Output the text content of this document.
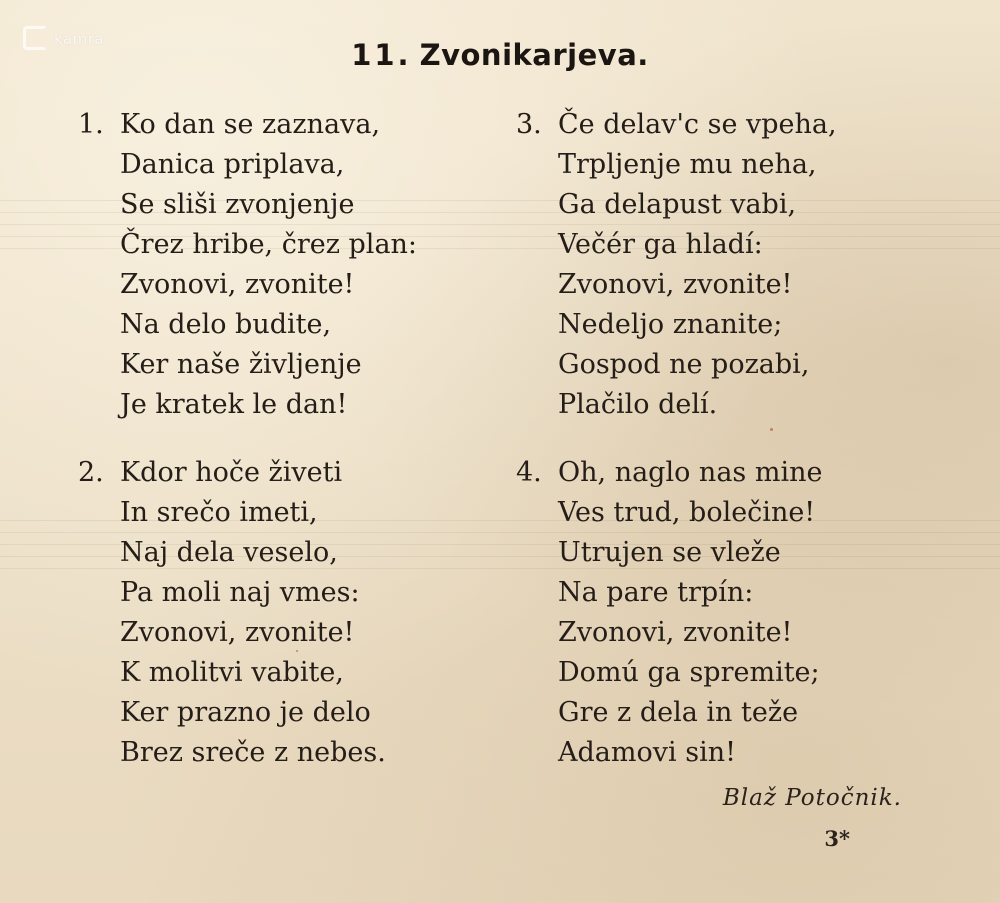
kamra	11. Zvonikarjeva.
1. Ko dan se zaznava,
Danica priplava,
Se sliši zvonjenje
Črez hribe, črez plan:
Zvonovi, zvonite!
Na delo budite,
Ker naše življenje
Je kratek le dan!
2. Kdor hoče živeti
In srečo imeti,
Naj dela veselo,
Pa moli naj vmes:
Zvonovi, zvonite!
K molitvi vabite,
Ker prazno je delo
Brez sreče z nebes.
3. Če delav'c se vpeha,
Trpljenje mu neha,
Ga delapust vabi,
Večér ga hladí:
Zvonovi, zvonite!
Nedeljo znanite;
Gospod ne pozabi,
Plačilo delí.
4. Oh, naglo nas mine
Ves trud, bolečine!
Utrujen se vleže
Na pare trpín:
Zvonovi, zvonite!
Domú ga spremite;
Gre z dela in teže
Adamovi sin!
Blaž Potočnik.
3*
